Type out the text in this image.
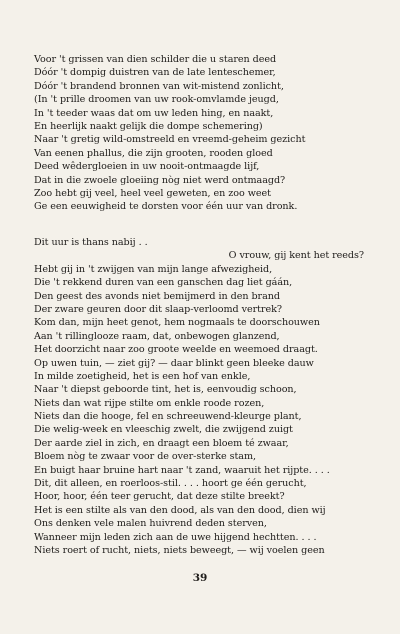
Voor 't grissen van dien schilder die u staren deed
Dóór 't dompig duistren van de late lenteschemer,
Dóór 't brandend bronnen van wit-mistend zonlicht,
(In 't prille droomen van uw rook-omvlamde jeugd,
In 't teeder waas dat om uw leden hing, en naakt,
En heerlijk naakt gelijk die dompe schemering)
Naar 't gretig wild-omstreeld en vreemd-geheim gezicht
Van eenen phallus, die zijn grooten, rooden gloed
Deed wêdergloeien in uw nooit-ontmaagde lijf,
Dat in die zwoele gloeiing nòg niet werd ontmaagd?
Zoo hebt gij veel, heel veel geweten, en zoo weet
Ge een eeuwigheid te dorsten voor één uur van dronk.
Dit uur is thans nabij . .
O vrouw, gij kent het reeds?
Hebt gij in 't zwijgen van mijn lange afwezigheid,
Die 't rekkend duren van een ganschen dag liet gáán,
Den geest des avonds niet bemijmerd in den brand
Der zware geuren door dit slaap-verloomd vertrek?
Kom dan, mijn heet genot, hem nogmaals te doorschouwen
Aan 't rillinglooze raam, dat, onbewogen glanzend,
Het doorzicht naar zoo groote weelde en weemoed draagt.
Op uwen tuin, — ziet gij? — daar blinkt geen bleeke dauw
In milde zoetigheid, het is een hof van enkle,
Naar 't diepst geboorde tint, het is, eenvoudig schoon,
Niets dan wat rijpe stilte om enkle roode rozen,
Niets dan die hooge, fel en schreeuwend-kleurge plant,
Die welig-week en vleeschig zwelt, die zwijgend zuigt
Der aarde ziel in zich, en draagt een bloem té zwaar,
Bloem nòg te zwaar voor de over-sterke stam,
En buigt haar bruine hart naar 't zand, waaruit het rijpte. . . .
Dit, dit alleen, en roerloos-stil. . . . hoort ge één gerucht,
Hoor, hoor, één teer gerucht, dat deze stilte breekt?
Het is een stilte als van den dood, als van den dood, dien wij
Ons denken vele malen huivrend deden sterven,
Wanneer mijn leden zich aan de uwe hijgend hechtten. . . .
Niets roert of rucht, niets, niets beweegt, — wij voelen geen
39
